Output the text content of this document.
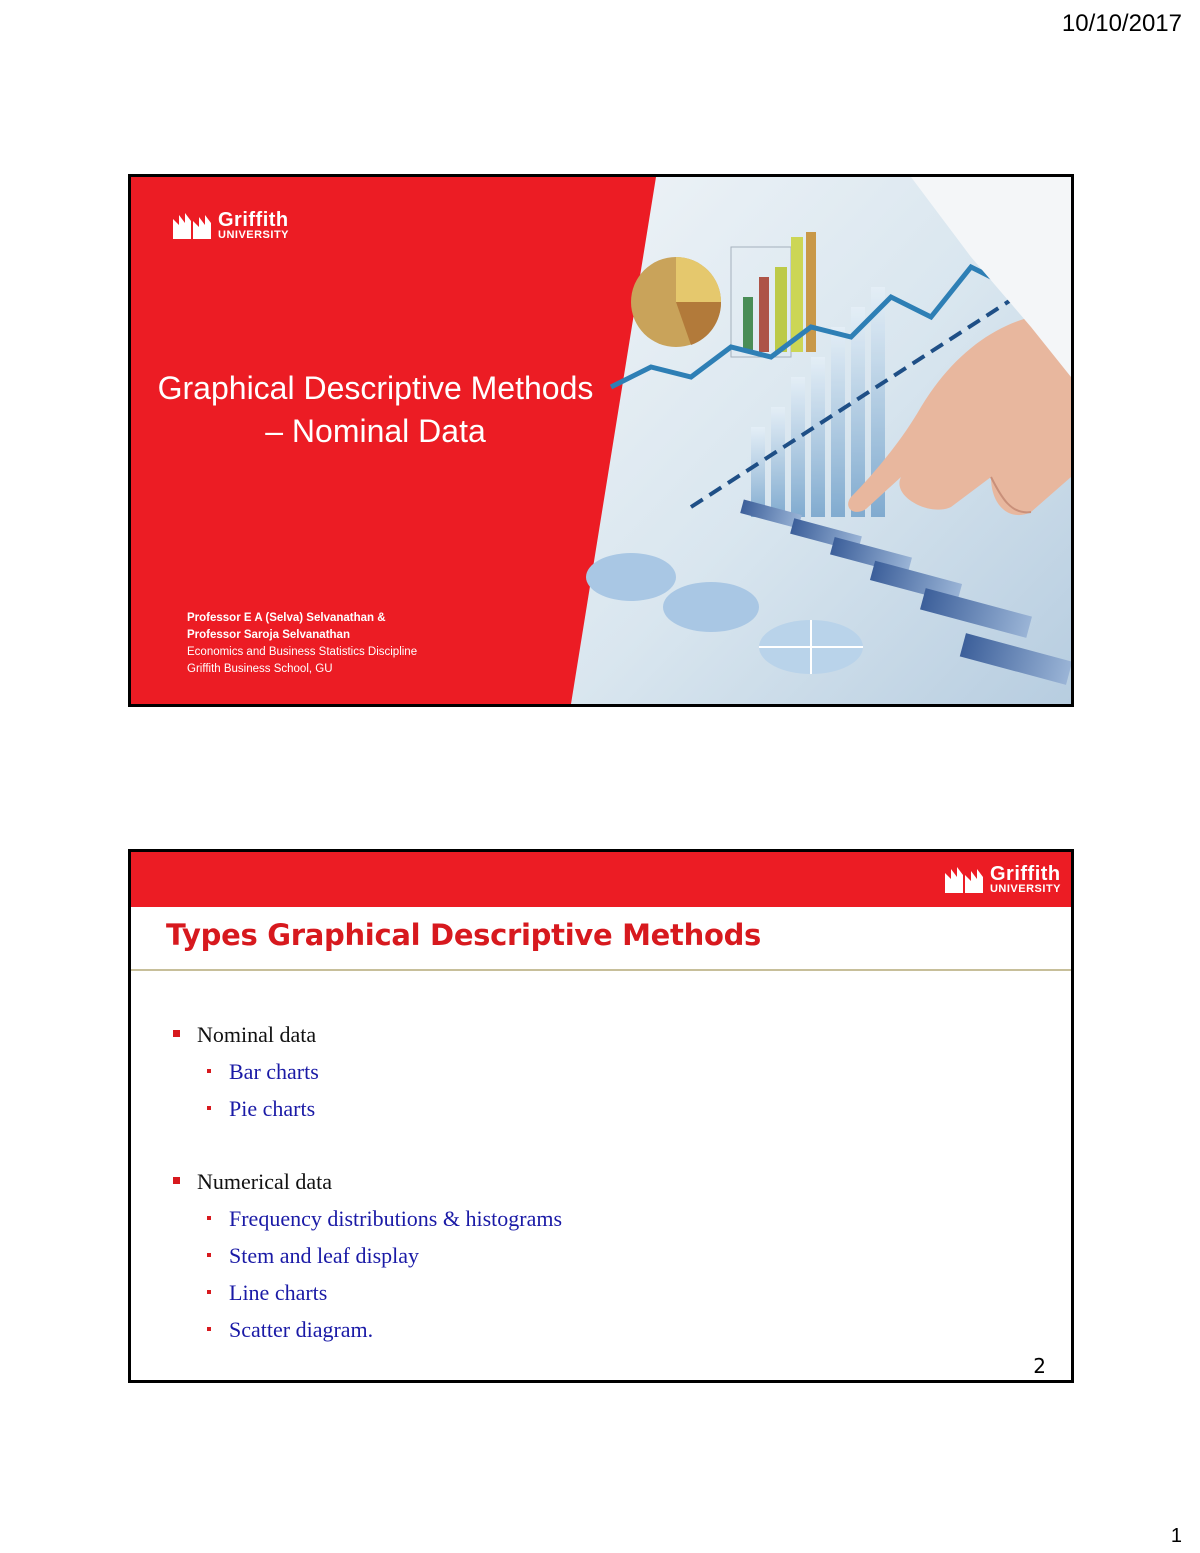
10/10/2017
Griffith
UNIVERSITY
Graphical Descriptive Methods
– Nominal Data
Professor E A (Selva) Selvanathan &
Professor Saroja Selvanathan
Economics and Business Statistics Discipline
Griffith Business School, GU
Griffith
UNIVERSITY
Types Graphical Descriptive Methods
Nominal data
Bar charts
Pie charts
Numerical data
Frequency distributions & histograms
Stem and leaf display
Line charts
Scatter diagram.
2
1
